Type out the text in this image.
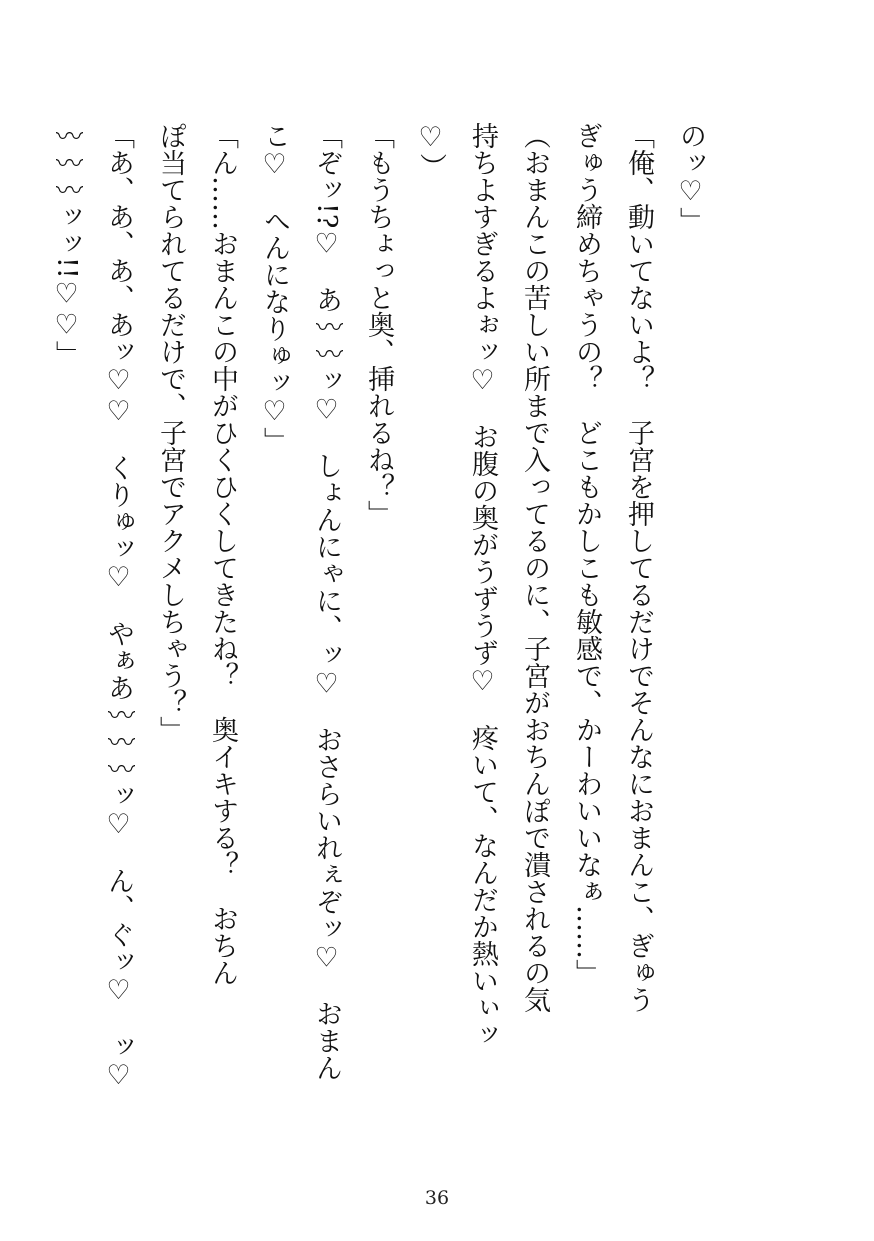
のッ♡」
「俺、動いてないよ？　子宮を押してるだけでそんなにおまんこ、ぎゅう
ぎゅう締めちゃうの？　どこもかしこも敏感で、かーわいいなぁ……」
（おまんこの苦しい所まで入ってるのに、子宮がおちんぽで潰されるの気
持ちよすぎるよぉッ♡　お腹の奥がうずうず♡　疼いて、なんだか熱いぃッ
♡）
「もうちょっと奥、挿れるね？」
「ぞッ!?♡　あ〰〰ッ♡　しょんにゃに、ッ♡　おさらいれぇぞッ♡　おまん
こ♡　へんになりゅッ♡」
「ん……おまんこの中がひくひくしてきたね？　奥イキする？　おちん
ぽ当てられてるだけで、子宮でアクメしちゃう？」
「あ、あ、あ、あッ♡♡　くりゅッ♡　やぁあ〰〰〰ッ♡　ん、ぐッ♡　ッ♡
〰〰〰ッッ!!♡♡」
36
